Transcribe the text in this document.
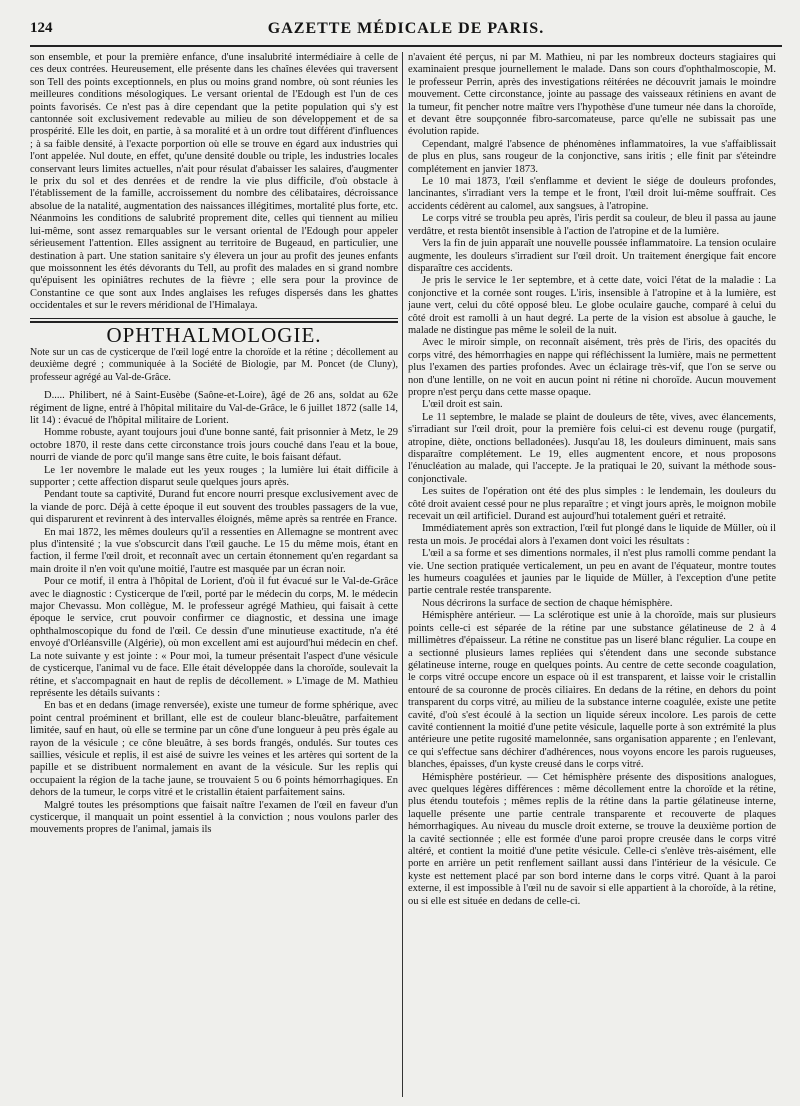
124	GAZETTE MÉDICALE DE PARIS.

son ensemble, et pour la première enfance, d'une insalubrité intermédiaire à celle de ces deux contrées. Heureusement, elle présente dans les chaînes élevées qui traversent son Tell des points exceptionnels, en plus ou moins grand nombre, où sont réunies les meilleures conditions mésologiques. Le versant oriental de l'Edough est l'un de ces points favorisés. Ce n'est pas à dire cependant que la petite population qui s'y est cantonnée soit exclusivement redevable au milieu de son développement et de sa prospérité. Elle les doit, en partie, à sa moralité et à un ordre tout différent d'influences ; à sa faible densité, à l'exacte porportion où elle se trouve en égard aux industries qui l'ont appelée. Nul doute, en effet, qu'une densité double ou triple, les industries locales conservant leurs limites actuelles, n'ait pour résulat d'abaisser les salaires, d'augmenter le prix du sol et des denrées et de rendre la vie plus difficile, d'où obstacle à l'établissement de la famille, accroissement du nombre des célibataires, décroissance absolue de la natalité, augmentation des naissances illégitimes, mortalité plus forte, etc. Néanmoins les conditions de salubrité proprement dite, celles qui tiennent au milieu lui-même, sont assez remarquables sur le versant oriental de l'Edough pour appeler sérieusement l'attention. Elles assignent au territoire de Bugeaud, en particulier, une destination à part. Une station sanitaire s'y élevera un jour au profit des jeunes enfants que moissonnent les étés dévorants du Tell, au profit des malades en si grand nombre qu'épuisent les opiniâtres rechutes de la fièvre ; elle sera pour la province de Constantine ce que sont aux Indes anglaises les refuges dispersés dans les ghattes occidentales et sur le revers méridional de l'Himalaya.

OPHTHALMOLOGIE.
Note sur un cas de cysticerque de l'œil logé entre la choroïde et la rétine ; décollement au deuxième degré ; communiquée à la Société de Biologie, par M. Poncet (de Cluny), professeur agrégé au Val-de-Grâce.

D..... Philibert, né à Saint-Eusèbe (Saône-et-Loire), âgé de 26 ans, soldat au 62e régiment de ligne, entré à l'hôpital militaire du Val-de-Grâce, le 6 juillet 1872 (salle 14, lit 14) : évacué de l'hôpital militaire de Lorient.

Homme robuste, ayant toujours joui d'une bonne santé, fait prisonnier à Metz, le 29 octobre 1870, il reste dans cette circonstance trois jours couché dans l'eau et la boue, nourri de viande de porc qu'il mange sans être cuite, le bois faisant défaut.

Le 1er novembre le malade eut les yeux rouges ; la lumière lui était difficile à supporter ; cette affection disparut seule quelques jours après.

Pendant toute sa captivité, Durand fut encore nourri presque exclusivement avec de la viande de porc. Déjà à cette époque il eut souvent des troubles passagers de la vue, qui disparurent et revinrent à des intervalles éloignés, même après sa rentrée en France.

En mai 1872, les mêmes douleurs qu'il a ressenties en Allemagne se montrent avec plus d'intensité ; la vue s'obscurcit dans l'œil gauche. Le 15 du même mois, étant en faction, il ferme l'œil droit, et reconnaît avec un certain étonnement qu'en regardant sa main droite il n'en voit qu'une moitié, l'autre est masquée par un écran noir.

Pour ce motif, il entra à l'hôpital de Lorient, d'où il fut évacué sur le Val-de-Grâce avec le diagnostic : Cysticerque de l'œil, porté par le médecin du corps, M. le médecin major Chevassu. Mon collègue, M. le professeur agrégé Mathieu, qui faisait à cette époque le service, crut pouvoir confirmer ce diagnostic, et dessina une image ophthalmoscopique du fond de l'œil. Ce dessin d'une minutieuse exactitude, n'a été envoyé d'Orléansville (Algérie), où mon excellent ami est aujourd'hui médecin en chef. La note suivante y est jointe : « Pour moi, la tumeur présentait l'aspect d'une vésicule de cysticerque, l'animal vu de face. Elle était développée dans la choroïde, soulevait la rétine, et s'accompagnait en haut de replis de décollement. » L'image de M. Mathieu représente les détails suivants :

En bas et en dedans (image renversée), existe une tumeur de forme sphérique, avec point central proéminent et brillant, elle est de couleur blanc-bleuâtre, parfaitement limitée, sauf en haut, où elle se termine par un cône d'une longueur à peu près égale au rayon de la vésicule ; ce cône bleuâtre, à ses bords frangés, ondulés. Sur toutes ces saillies, vésicule et replis, il est aisé de suivre les veines et les artères qui sortent de la papille et se distribuent normalement en avant de la vésicule. Sur les replis qui occupaient la région de la tache jaune, se trouvaient 5 ou 6 points hémorrhagiques. En dehors de la tumeur, le corps vitré et le cristallin étaient parfaitement sains.

Malgré toutes les présomptions que faisait naître l'examen de l'œil en faveur d'un cysticerque, il manquait un point essentiel à la conviction ; nous voulons parler des mouvements propres de l'animal, jamais ils

n'avaient été perçus, ni par M. Mathieu, ni par les nombreux docteurs stagiaires qui examinaient presque journellement le malade. Dans son cours d'ophthalmoscopie, M. le professeur Perrin, après des investigations réitérées ne découvrit jamais le moindre mouvement. Cette circonstance, jointe au passage des vaisseaux rétiniens en avant de la tumeur, fit pencher notre maître vers l'hypothèse d'une tumeur née dans la choroïde, et devant être soupçonnée fibro-sarcomateuse, parce qu'elle ne subissait pas une évolution rapide.

Cependant, malgré l'absence de phénomènes inflammatoires, la vue s'affaiblissait de plus en plus, sans rougeur de la conjonctive, sans iritis ; elle finit par s'éteindre complétement en janvier 1873.

Le 10 mai 1873, l'œil s'enflamme et devient le siége de douleurs profondes, lancinantes, s'irradiant vers la tempe et le front, l'œil droit lui-même souffrait. Ces accidents cédèrent au calomel, aux sangsues, à l'atropine.

Le corps vitré se troubla peu après, l'iris perdit sa couleur, de bleu il passa au jaune verdâtre, et resta bientôt insensible à l'action de l'atropine et de la lumière.

Vers la fin de juin apparaît une nouvelle poussée inflammatoire. La tension oculaire augmente, les douleurs s'irradient sur l'œil droit. Un traitement énergique fait encore disparaître ces accidents.

Je pris le service le 1er septembre, et à cette date, voici l'état de la maladie : La conjonctive et la cornée sont rouges. L'iris, insensible à l'atropine et à la lumière, est jaune vert, celui du côté opposé bleu. Le globe oculaire gauche, comparé à celui du côté droit est ramolli à un haut degré. La perte de la vision est absolue à gauche, le malade ne distingue pas même le soleil de la nuit.

Avec le miroir simple, on reconnaît aisément, très près de l'iris, des opacités du corps vitré, des hémorrhagies en nappe qui réfléchissent la lumière, mais ne permettent plus l'examen des parties profondes. Avec un éclairage très-vif, que l'on se serve ou non d'une lentille, on ne voit en aucun point ni rétine ni choroïde. Aucun mouvement propre n'est perçu dans cette masse opaque.

L'œil droit est sain.

Le 11 septembre, le malade se plaint de douleurs de tête, vives, avec élancements, s'irradiant sur l'œil droit, pour la première fois celui-ci est devenu rouge (purgatif, atropine, diète, onctions belladonées). Jusqu'au 18, les douleurs diminuent, mais sans disparaître complétement. Le 19, elles augmentent encore, et nous proposons l'énucléation au malade, qui l'accepte. Je la pratiquai le 20, suivant la méthode sous-conjonctivale.

Les suites de l'opération ont été des plus simples : le lendemain, les douleurs du côté droit avaient cessé pour ne plus reparaître ; et vingt jours après, le moignon mobile recevait un œil artificiel. Durand est aujourd'hui totalement guéri et retraité.

Immédiatement après son extraction, l'œil fut plongé dans le liquide de Müller, où il resta un mois. Je procédai alors à l'examen dont voici les résultats :

L'œil a sa forme et ses dimentions normales, il n'est plus ramolli comme pendant la vie. Une section pratiquée verticalement, un peu en avant de l'équateur, montre toutes les humeurs coagulées et jaunies par le liquide de Müller, à l'exception d'une petite partie centrale restée transparente.

Nous décrirons la surface de section de chaque hémisphère.

Hémisphère antérieur. — La sclérotique est unie à la choroïde, mais sur plusieurs points celle-ci est séparée de la rétine par une substance gélatineuse de 2 à 4 millimètres d'épaisseur. La rétine ne constitue pas un liseré blanc régulier. La coupe en a sectionné plusieurs lames repliées qui s'étendent dans une seconde substance gélatineuse interne, rouge en quelques points. Au centre de cette seconde coagulation, le corps vitré occupe encore un espace où il est transparent, et laisse voir le cristallin entouré de sa couronne de procès ciliaires. En dedans de la rétine, en dehors du point transparent du corps vitré, au milieu de la substance interne coagulée, existe une petite cavité, d'où s'est écoulé à la section un liquide séreux incolore. Les parois de cette cavité contiennent la moitié d'une petite vésicule, laquelle porte à son extrémité la plus antérieure une petite rugosité mamelonnée, sans organisation apparente ; en l'enlevant, ce qui s'effectue sans déchirer d'adhérences, nous voyons encore les parois rugueuses, blanches, épaisses, d'un kyste creusé dans le corps vitré.

Hémisphère postérieur. — Cet hémisphère présente des dispositions analogues, avec quelques légères différences : même décollement entre la choroïde et la rétine, plus étendu toutefois ; mêmes replis de la rétine dans la partie gélatineuse interne, laquelle présente une partie centrale transparente et recouverte de plaques hémorrhagiques. Au niveau du muscle droit externe, se trouve la deuxième portion de la cavité sectionnée ; elle est formée d'une paroi propre creusée dans le corps vitré altéré, et contient la moitié d'une petite vésicule. Celle-ci s'enlève très-aisément, elle porte en arrière un petit renflement saillant aussi dans l'intérieur de la vésicule. Ce kyste est nettement placé par son bord interne dans le corps vitré. Quant à la paroi externe, il est impossible à l'œil nu de savoir si elle appartient à la choroïde, à la rétine, ou si elle est située en dedans de celle-ci.
